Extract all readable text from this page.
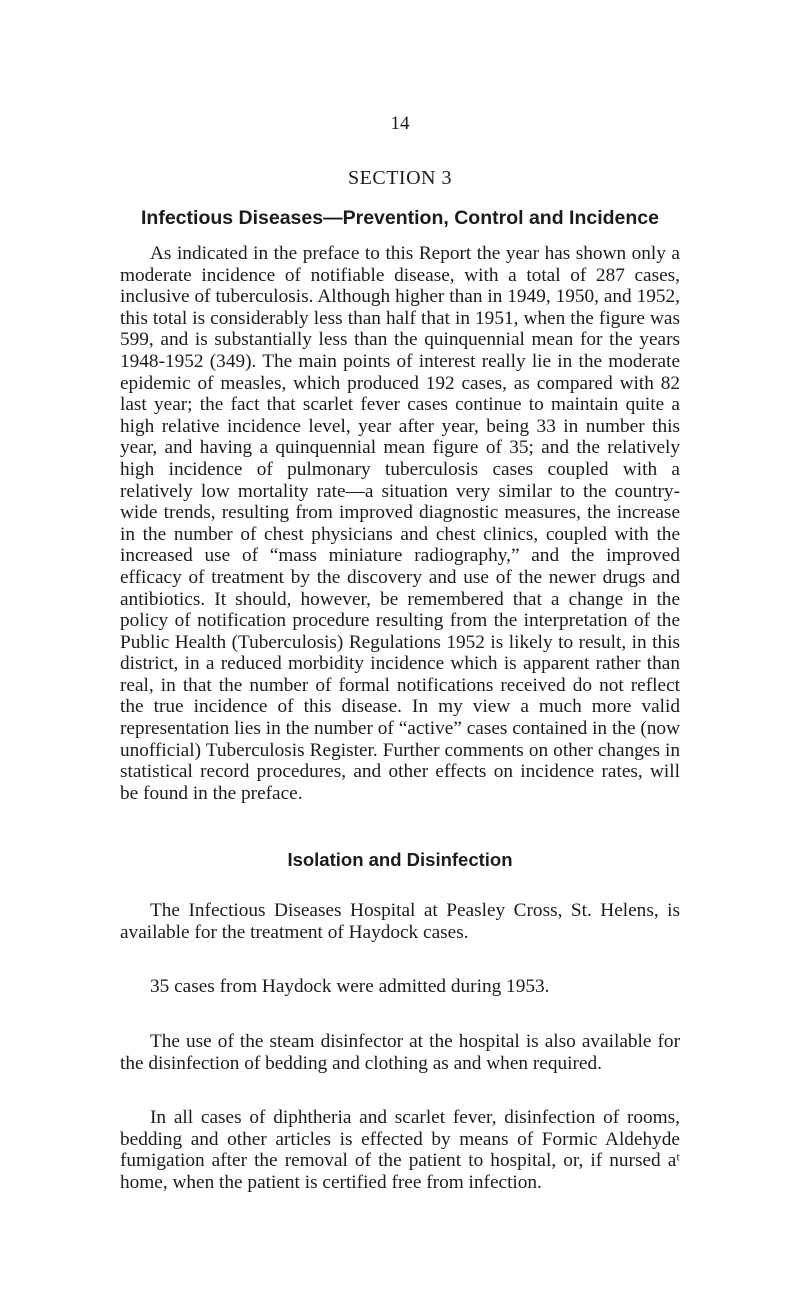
14
SECTION 3
Infectious Diseases—Prevention, Control and Incidence

As indicated in the preface to this Report the year has shown only a moderate incidence of notifiable disease, with a total of 287 cases, inclusive of tuberculosis. Although higher than in 1949, 1950, and 1952, this total is considerably less than half that in 1951, when the figure was 599, and is substantially less than the quinquennial mean for the years 1948-1952 (349). The main points of interest really lie in the moderate epidemic of measles, which produced 192 cases, as compared with 82 last year; the fact that scarlet fever cases continue to maintain quite a high relative incidence level, year after year, being 33 in number this year, and having a quinquennial mean figure of 35; and the relatively high incidence of pulmonary tuberculosis cases coupled with a relatively low mortality rate—a situation very similar to the country-wide trends, resulting from improved diagnostic measures, the increase in the number of chest physicians and chest clinics, coupled with the increased use of “mass miniature radiography,” and the improved efficacy of treatment by the discovery and use of the newer drugs and antibiotics. It should, however, be remembered that a change in the policy of notification procedure resulting from the interpretation of the Public Health (Tuberculosis) Regulations 1952 is likely to result, in this district, in a reduced morbidity incidence which is apparent rather than real, in that the number of formal notifications received do not reflect the true incidence of this disease. In my view a much more valid representation lies in the number of “active” cases contained in the (now unofficial) Tuberculosis Register. Further comments on other changes in statistical record procedures, and other effects on incidence rates, will be found in the preface.

Isolation and Disinfection

The Infectious Diseases Hospital at Peasley Cross, St. Helens, is available for the treatment of Haydock cases.

35 cases from Haydock were admitted during 1953.

The use of the steam disinfector at the hospital is also available for the disinfection of bedding and clothing as and when required.

In all cases of diphtheria and scarlet fever, disinfection of rooms, bedding and other articles is effected by means of Formic Aldehyde fumigation after the removal of the patient to hospital, or, if nursed aᵗ home, when the patient is certified free from infection.
